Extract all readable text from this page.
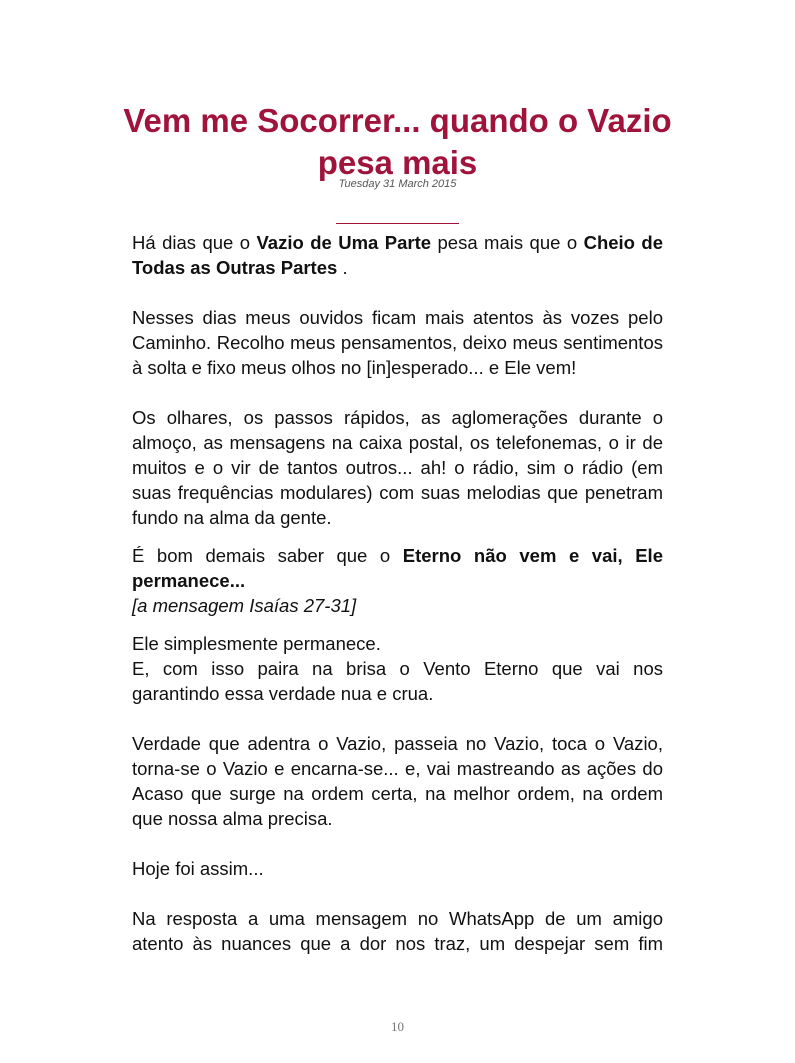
Vem me Socorrer... quando o Vazio pesa mais
Tuesday 31 March 2015

Há dias que o Vazio de Uma Parte pesa mais que o Cheio de Todas as Outras Partes .

Nesses dias meus ouvidos ficam mais atentos às vozes pelo Caminho. Recolho meus pensamentos, deixo meus sentimentos à solta e fixo meus olhos no [in]esperado... e Ele vem!

Os olhares, os passos rápidos, as aglomerações durante o almoço, as mensagens na caixa postal, os telefonemas, o ir de muitos e o vir de tantos outros... ah! o rádio, sim o rádio (em suas frequências modulares) com suas melodias que penetram fundo na alma da gente.

É bom demais saber que o Eterno não vem e vai, Ele permanece...
[a mensagem Isaías 27-31]

Ele simplesmente permanece.
E, com isso paira na brisa o Vento Eterno que vai nos garantindo essa verdade nua e crua.

Verdade que adentra o Vazio, passeia no Vazio, toca o Vazio, torna-se o Vazio e encarna-se... e, vai mastreando as ações do Acaso que surge na ordem certa, na melhor ordem, na ordem que nossa alma precisa.

Hoje foi assim...

Na resposta a uma mensagem no WhatsApp de um amigo atento às nuances que a dor nos traz, um despejar sem fim

10
